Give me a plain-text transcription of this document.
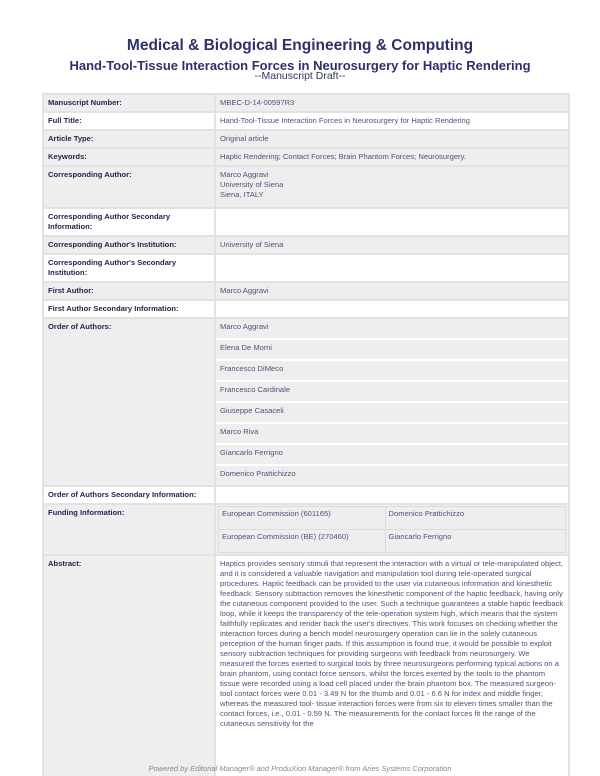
Medical & Biological Engineering & Computing
Hand-Tool-Tissue Interaction Forces in Neurosurgery for Haptic Rendering
--Manuscript Draft--
Manuscript Number:	MBEC-D-14-00597R3
Full Title:	Hand-Tool-Tissue Interaction Forces in Neurosurgery for Haptic Rendering
Article Type:	Original article
Keywords:	Haptic Rendering; Contact Forces; Brain Phantom Forces; Neurosurgery.
Corresponding Author:	Marco Aggravi
University of Siena
Siena, ITALY

Corresponding Author Secondary Information:	
Corresponding Author's Institution:	University of Siena
Corresponding Author's Secondary Institution:	
First Author:	Marco Aggravi
First Author Secondary Information:	
Order of Authors:	Marco Aggravi
Elena De Momi
Francesco DiMeco
Francesco Cardinale
Giuseppe Casaceli
Marco Riva
Giancarlo Ferrigno
Domenico Prattichizzo

Order of Authors Secondary Information:	
Funding Information:		European Commission (601165)	Domenico Prattichizzo
European Commission (BE) (270460)	Giancarlo Ferrigno

Abstract:	Haptics provides sensory stimuli that represent the interaction with a virtual or tele-manipulated object, and it is considered a valuable navigation and manipulation tool during tele-operated surgical procedures. Haptic feedback can be provided to the user via cutaneous information and kinesthetic feedback. Sensory subtraction removes the kinesthetic component of the haptic feedback, having only the cutaneous component provided to the user. Such a technique guarantees a stable haptic feedback loop, while it keeps the transparency of the tele-operation system high, which means that the system faithfully replicates and render back the user's directives. This work focuses on checking whether the interaction forces during a bench model neurosurgery operation can lie in the solely cutaneous perception of the human finger pads. If this assumption is found true, it would be possible to exploit sensory subtraction techniques for providing surgeons with feedback from neurosurgery. We measured the forces exerted to surgical tools by three neurosurgeons performing typical actions on a brain phantom, using contact force sensors, whilst the forces exerted by the tools to the phantom tissue were recorded using a load cell placed under the brain phantom box. The measured surgeon-tool contact forces were 0.01 - 3.49 N for the thumb and 0.01 - 6.6 N for index and middle finger, whereas the measured tool- tissue interaction forces were from six to eleven times smaller than the contact forces, i.e., 0.01 - 0.59 N. The measurements for the contact forces fit the range of the cutaneous sensitivity for the
Powered by Editorial Manager® and ProduXion Manager® from Aries Systems Corporation
